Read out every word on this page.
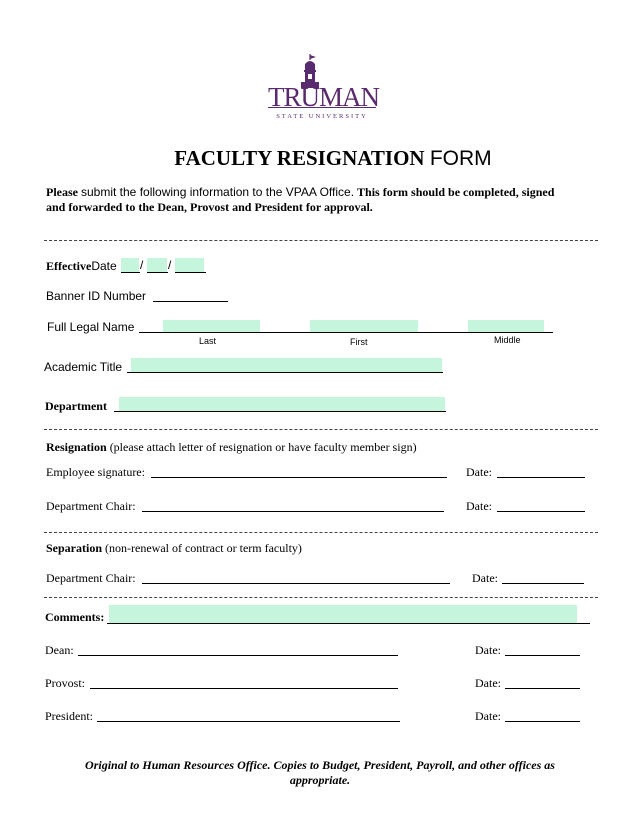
TRUMAN
STATE UNIVERSITY
FACULTY RESIGNATION FORM
Please submit the following information to the VPAA Office. This form should be completed, signed
and forwarded to the Dean, Provost and President for approval.
EffectiveDate / /
Banner ID Number
Full Legal Name
Last	First	Middle
Academic Title
Department
Resignation (please attach letter of resignation or have faculty member sign)
Employee signature:	Date:
Department Chair:	Date:
Separation (non-renewal of contract or term faculty)
Department Chair:	Date:
Comments:
Dean:	Date:
Provost:	Date:
President:	Date:
Original to Human Resources Office. Copies to Budget, President, Payroll, and other offices as
appropriate.
